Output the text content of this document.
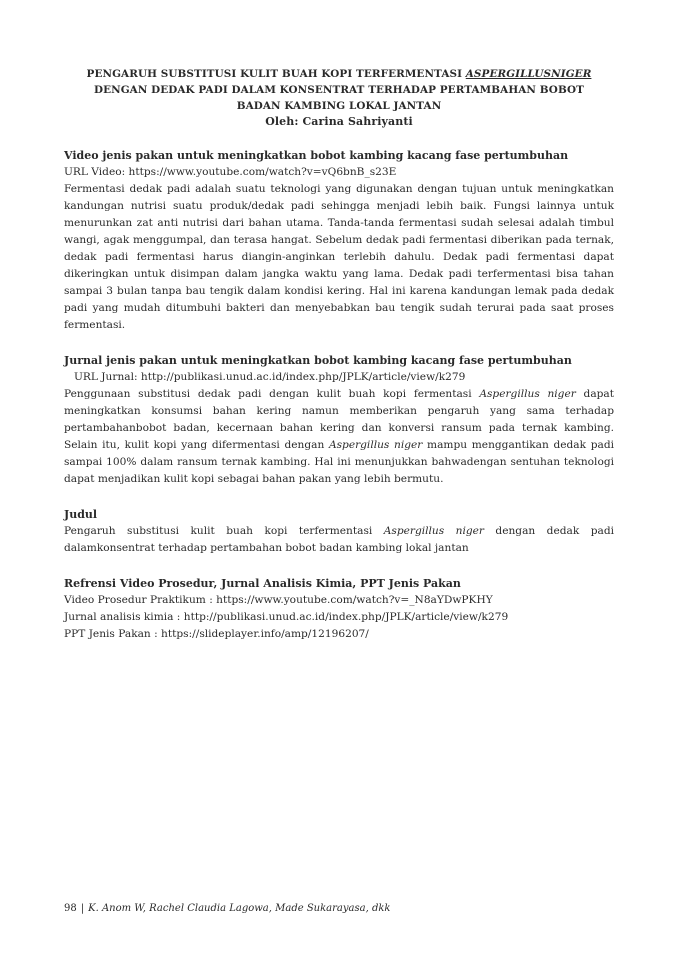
PENGARUH SUBSTITUSI KULIT BUAH KOPI TERFERMENTASI ASPERGILLUSNIGER
DENGAN DEDAK PADI DALAM KONSENTRAT TERHADAP PERTAMBAHAN BOBOT
BADAN KAMBING LOKAL JANTAN
Oleh: Carina Sahriyanti
Video jenis pakan untuk meningkatkan bobot kambing kacang fase pertumbuhan
URL Video: https://www.youtube.com/watch?v=vQ6bnB_s23E
Fermentasi dedak padi adalah suatu teknologi yang digunakan dengan tujuan untuk meningkatkan kandungan nutrisi suatu produk/dedak padi sehingga menjadi lebih baik. Fungsi lainnya untuk menurunkan zat anti nutrisi dari bahan utama. Tanda-tanda fermentasi sudah selesai adalah timbul wangi, agak menggumpal, dan terasa hangat. Sebelum dedak padi fermentasi diberikan pada ternak, dedak padi fermentasi harus diangin-anginkan terlebih dahulu. Dedak padi fermentasi dapat dikeringkan untuk disimpan dalam jangka waktu yang lama. Dedak padi terfermentasi bisa tahan sampai 3 bulan tanpa bau tengik dalam kondisi kering. Hal ini karena kandungan lemak pada dedak padi yang mudah ditumbuhi bakteri dan menyebabkan bau tengik sudah terurai pada saat proses fermentasi.
Jurnal jenis pakan untuk meningkatkan bobot kambing kacang fase pertumbuhan
URL Jurnal: http://publikasi.unud.ac.id/index.php/JPLK/article/view/k279
Penggunaan substitusi dedak padi dengan kulit buah kopi fermentasi Aspergillus niger dapat meningkatkan konsumsi bahan kering namun memberikan pengaruh yang sama terhadap pertambahanbobot badan, kecernaan bahan kering dan konversi ransum pada ternak kambing. Selain itu, kulit kopi yang difermentasi dengan Aspergillus niger mampu menggantikan dedak padi sampai 100% dalam ransum ternak kambing. Hal ini menunjukkan bahwadengan sentuhan teknologi dapat menjadikan kulit kopi sebagai bahan pakan yang lebih bermutu.
Judul
Pengaruh substitusi kulit buah kopi terfermentasi Aspergillus niger dengan dedak padi dalamkonsentrat terhadap pertambahan bobot badan kambing lokal jantan
Refrensi Video Prosedur, Jurnal Analisis Kimia, PPT Jenis Pakan
Video Prosedur Praktikum : https://www.youtube.com/watch?v=_N8aYDwPKHY
Jurnal analisis kimia : http://publikasi.unud.ac.id/index.php/JPLK/article/view/k279
PPT Jenis Pakan : https://slideplayer.info/amp/12196207/
98 | K. Anom W, Rachel Claudia Lagowa, Made Sukarayasa, dkk
